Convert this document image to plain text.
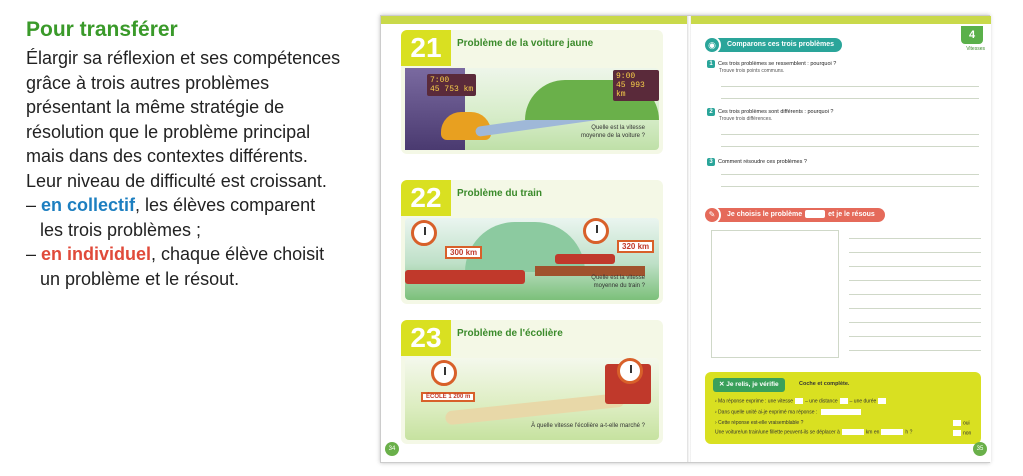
Pour transférer

Élargir sa réflexion et ses compétences

grâce à trois autres problèmes

présentant la même stratégie de

résolution que le problème principal

mais dans des contextes différents.

Leur niveau de difficulté est croissant.

– en collectif, les élèves comparent

les trois problèmes ;

– en individuel, chaque élève choisit

un problème et le résout.

21	Problème de la voiture jaune
7:00
45 753 km
9:00
45 993 km
Quelle est la vitesse moyenne de la voiture ?
22	Problème du train
300 km
320 km
Quelle est la vitesse moyenne du train ?
23	Problème de l'écolière
ÉCOLE 1 200 m
À quelle vitesse l'écolière a-t-elle marché ?
34
4
Vitesses
Comparons ces trois problèmes
◉
1 Ces trois problèmes se ressemblent : pourquoi ?
Trouve trois points communs.
2 Ces trois problèmes sont différents : pourquoi ?
Trouve trois différences.
3 Comment résoudre ces problèmes ?
Je choisis le problème	et je le résous
✎
✕ Je relis, je vérifie	Coche et complète.
› Ma réponse exprime : une vitesse – une distance – une durée
› Dans quelle unité ai-je exprimé ma réponse :
› Cette réponse est-elle vraisemblable ?
Une voiture/un train/une fillette peuvent-ils se déplacer à	km en	h ?
oui
non
35
